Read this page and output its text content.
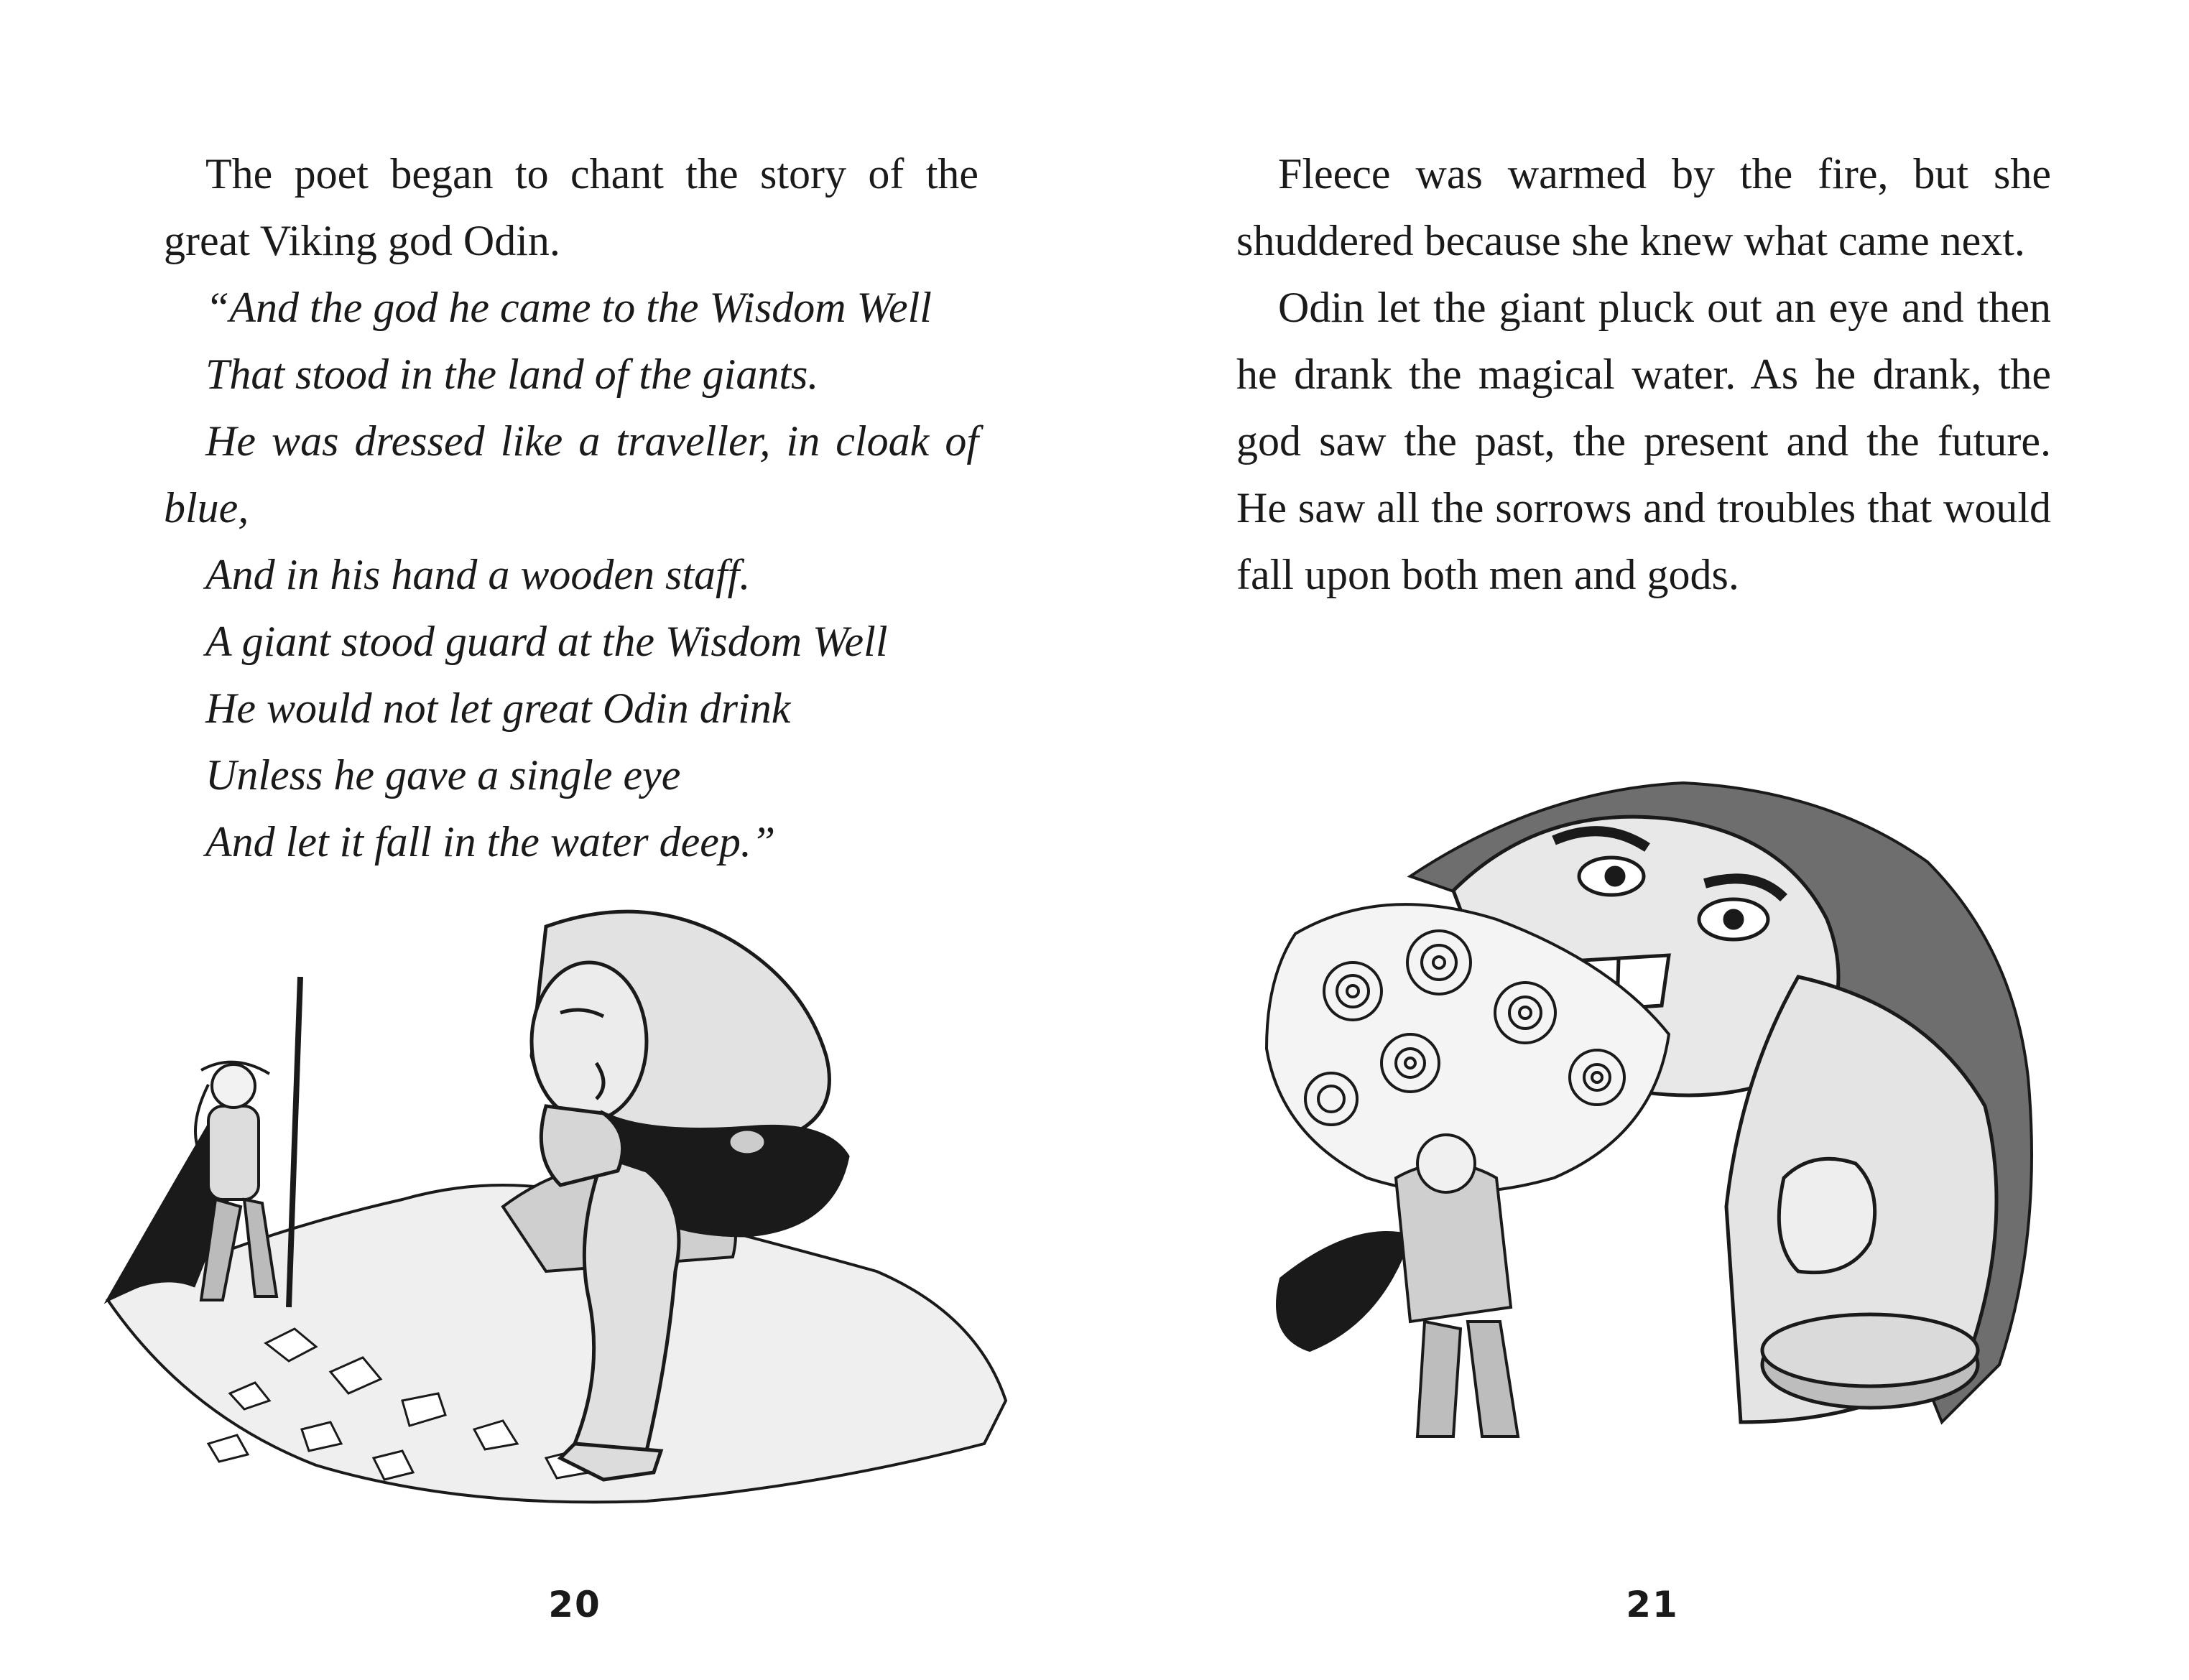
The poet began to chant the story of the great Viking god Odin.

“And the god he came to the Wisdom Well

That stood in the land of the giants.

He was dressed like a traveller, in cloak of blue,

And in his hand a wooden staff.

A giant stood guard at the Wisdom Well

He would not let great Odin drink

Unless he gave a single eye

And let it fall in the water deep.”

20

Fleece was warmed by the fire, but she shuddered because she knew what came next.

Odin let the giant pluck out an eye and then he drank the magical water. As he drank, the god saw the past, the present and the future. He saw all the sorrows and troubles that would fall upon both men and gods.

21
